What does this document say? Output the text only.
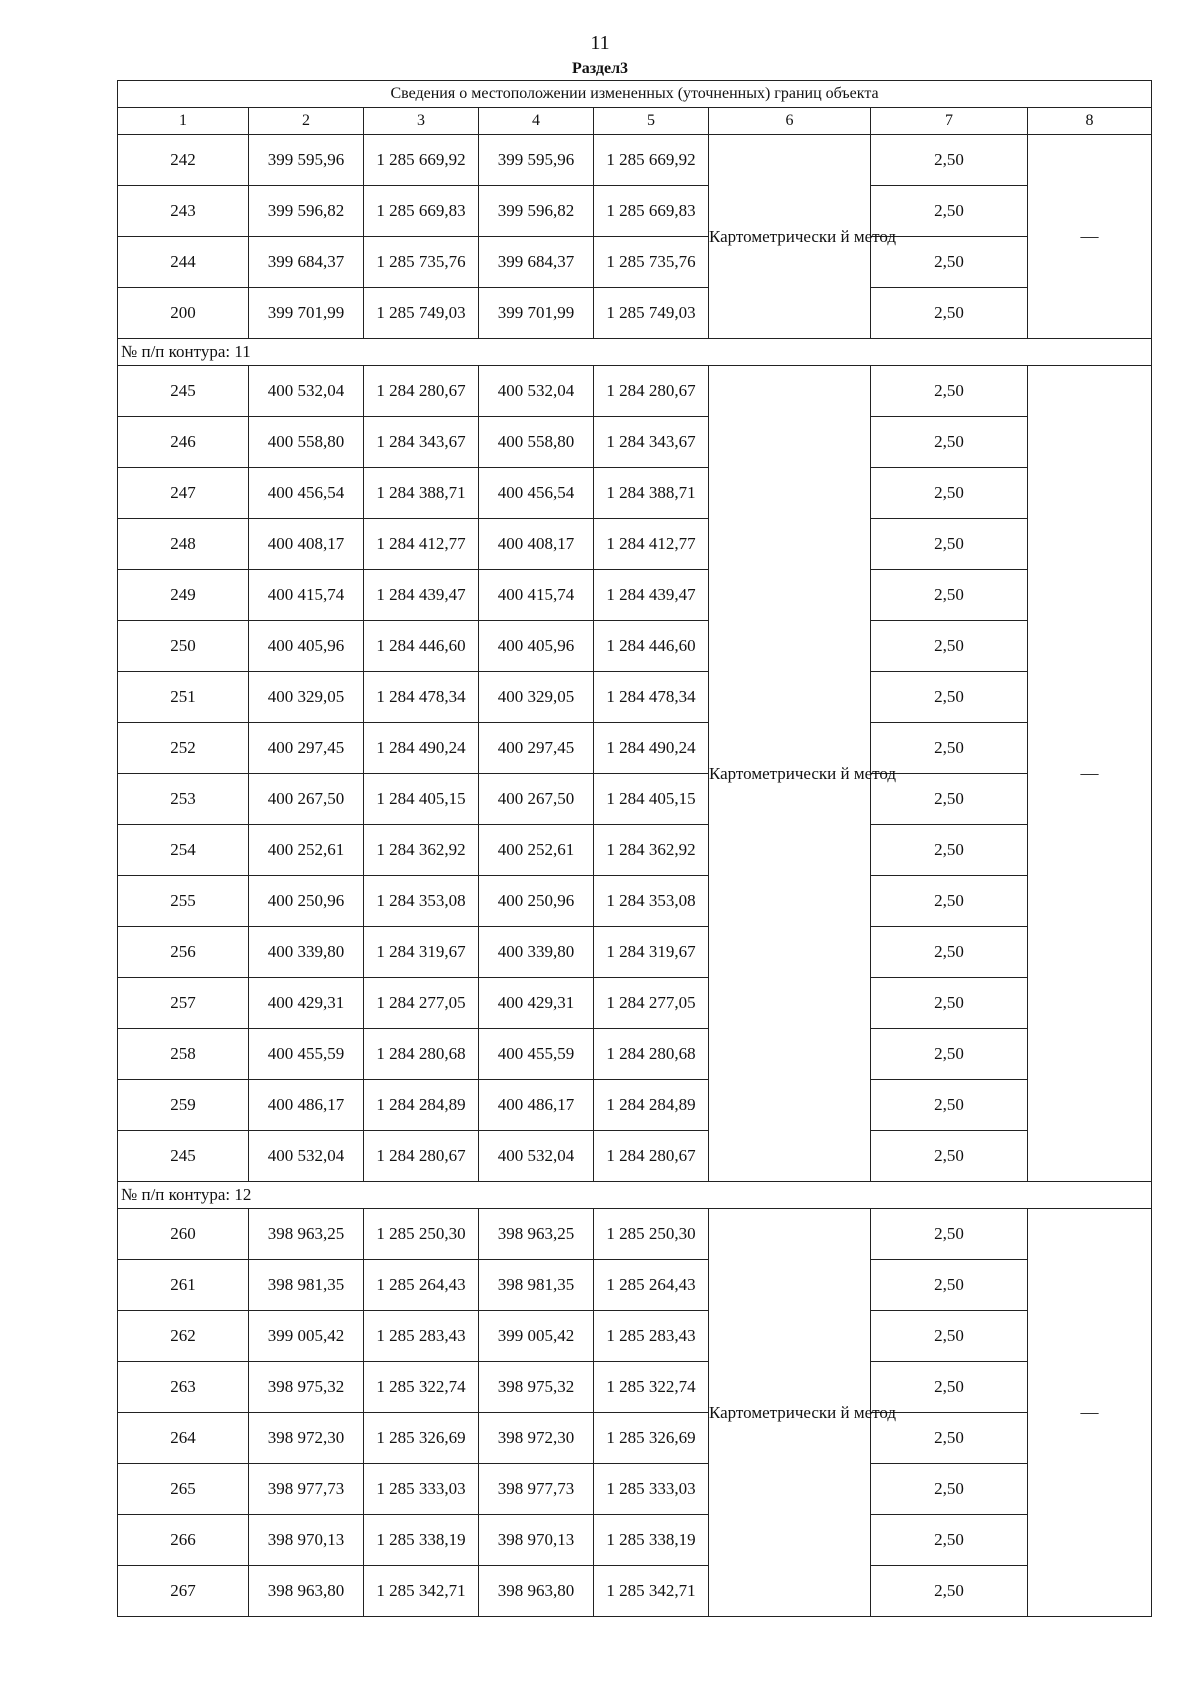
11
Раздел3
Сведения о местоположении измененных (уточненных) границ объекта							
1	2	3	4	5	6	7	8
242	399 595,96	1 285 669,92	399 595,96	1 285 669,92	Картометрически й метод	2,50	—
243	399 596,82	1 285 669,83	399 596,82	1 285 669,83		2,50	
244	399 684,37	1 285 735,76	399 684,37	1 285 735,76		2,50	
200	399 701,99	1 285 749,03	399 701,99	1 285 749,03		2,50	
№ п/п контура: 11							
245	400 532,04	1 284 280,67	400 532,04	1 284 280,67	Картометрически й метод	2,50	—
246	400 558,80	1 284 343,67	400 558,80	1 284 343,67		2,50	
247	400 456,54	1 284 388,71	400 456,54	1 284 388,71		2,50	
248	400 408,17	1 284 412,77	400 408,17	1 284 412,77		2,50	
249	400 415,74	1 284 439,47	400 415,74	1 284 439,47		2,50	
250	400 405,96	1 284 446,60	400 405,96	1 284 446,60		2,50	
251	400 329,05	1 284 478,34	400 329,05	1 284 478,34		2,50	
252	400 297,45	1 284 490,24	400 297,45	1 284 490,24		2,50	
253	400 267,50	1 284 405,15	400 267,50	1 284 405,15		2,50	
254	400 252,61	1 284 362,92	400 252,61	1 284 362,92		2,50	
255	400 250,96	1 284 353,08	400 250,96	1 284 353,08		2,50	
256	400 339,80	1 284 319,67	400 339,80	1 284 319,67		2,50	
257	400 429,31	1 284 277,05	400 429,31	1 284 277,05		2,50	
258	400 455,59	1 284 280,68	400 455,59	1 284 280,68		2,50	
259	400 486,17	1 284 284,89	400 486,17	1 284 284,89		2,50	
245	400 532,04	1 284 280,67	400 532,04	1 284 280,67		2,50	
№ п/п контура: 12							
260	398 963,25	1 285 250,30	398 963,25	1 285 250,30	Картометрически й метод	2,50	—
261	398 981,35	1 285 264,43	398 981,35	1 285 264,43		2,50	
262	399 005,42	1 285 283,43	399 005,42	1 285 283,43		2,50	
263	398 975,32	1 285 322,74	398 975,32	1 285 322,74		2,50	
264	398 972,30	1 285 326,69	398 972,30	1 285 326,69		2,50	
265	398 977,73	1 285 333,03	398 977,73	1 285 333,03		2,50	
266	398 970,13	1 285 338,19	398 970,13	1 285 338,19		2,50	
267	398 963,80	1 285 342,71	398 963,80	1 285 342,71		2,50	
